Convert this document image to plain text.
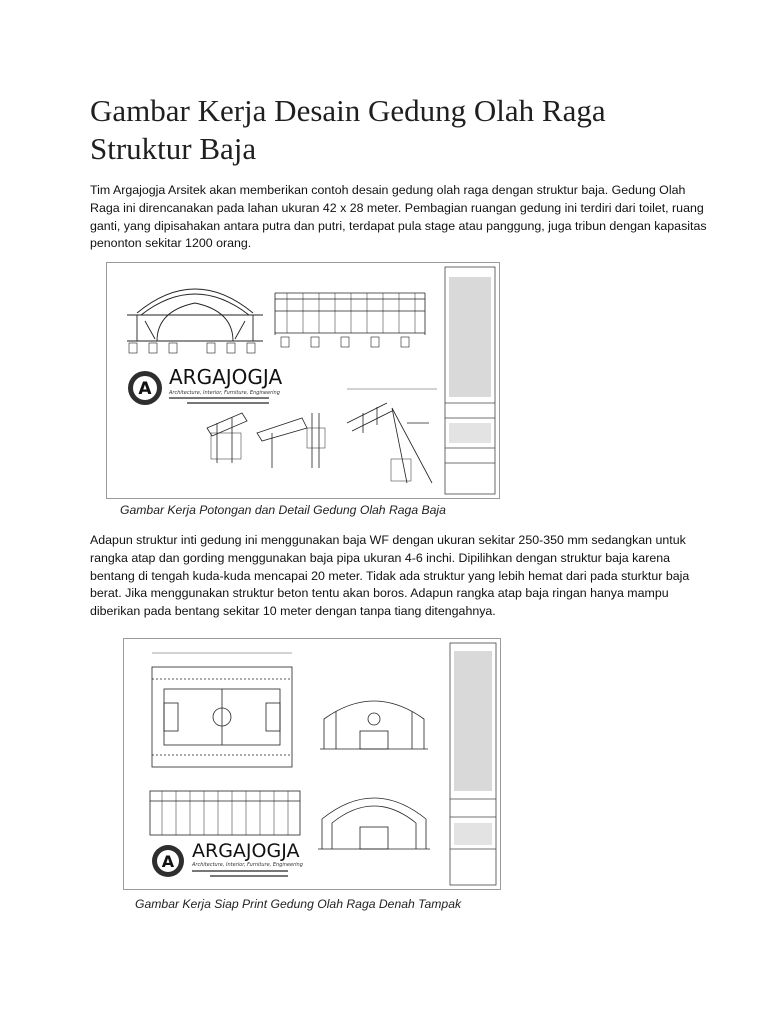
Gambar Kerja Desain Gedung Olah Raga Struktur Baja

Tim Argajogja Arsitek akan memberikan contoh desain gedung olah raga dengan struktur baja. Gedung Olah Raga ini direncanakan pada lahan ukuran 42 x 28 meter. Pembagian ruangan gedung ini terdiri dari toilet, ruang ganti, yang dipisahakan antara putra dan putri, terdapat pula stage atau panggung, juga tribun dengan kapasitas penonton sekitar 1200 orang.

A ARGAJOGJA
Architecture, Interior, Furniture, Engineering

Gambar Kerja Potongan dan Detail Gedung Olah Raga Baja

Adapun struktur inti gedung ini menggunakan baja WF dengan ukuran sekitar 250-350 mm sedangkan untuk rangka atap dan gording menggunakan baja pipa ukuran 4-6 inchi. Dipilihkan dengan struktur baja karena bentang di tengah kuda-kuda mencapai 20 meter. Tidak ada struktur yang lebih hemat dari pada sturktur baja berat. Jika menggunakan struktur beton tentu akan boros. Adapun rangka atap baja ringan hanya mampu diberikan pada bentang sekitar 10 meter dengan tanpa tiang ditengahnya.

A ARGAJOGJA
Architecture, Interior, Furniture, Engineering

Gambar Kerja Siap Print Gedung Olah Raga Denah Tampak
